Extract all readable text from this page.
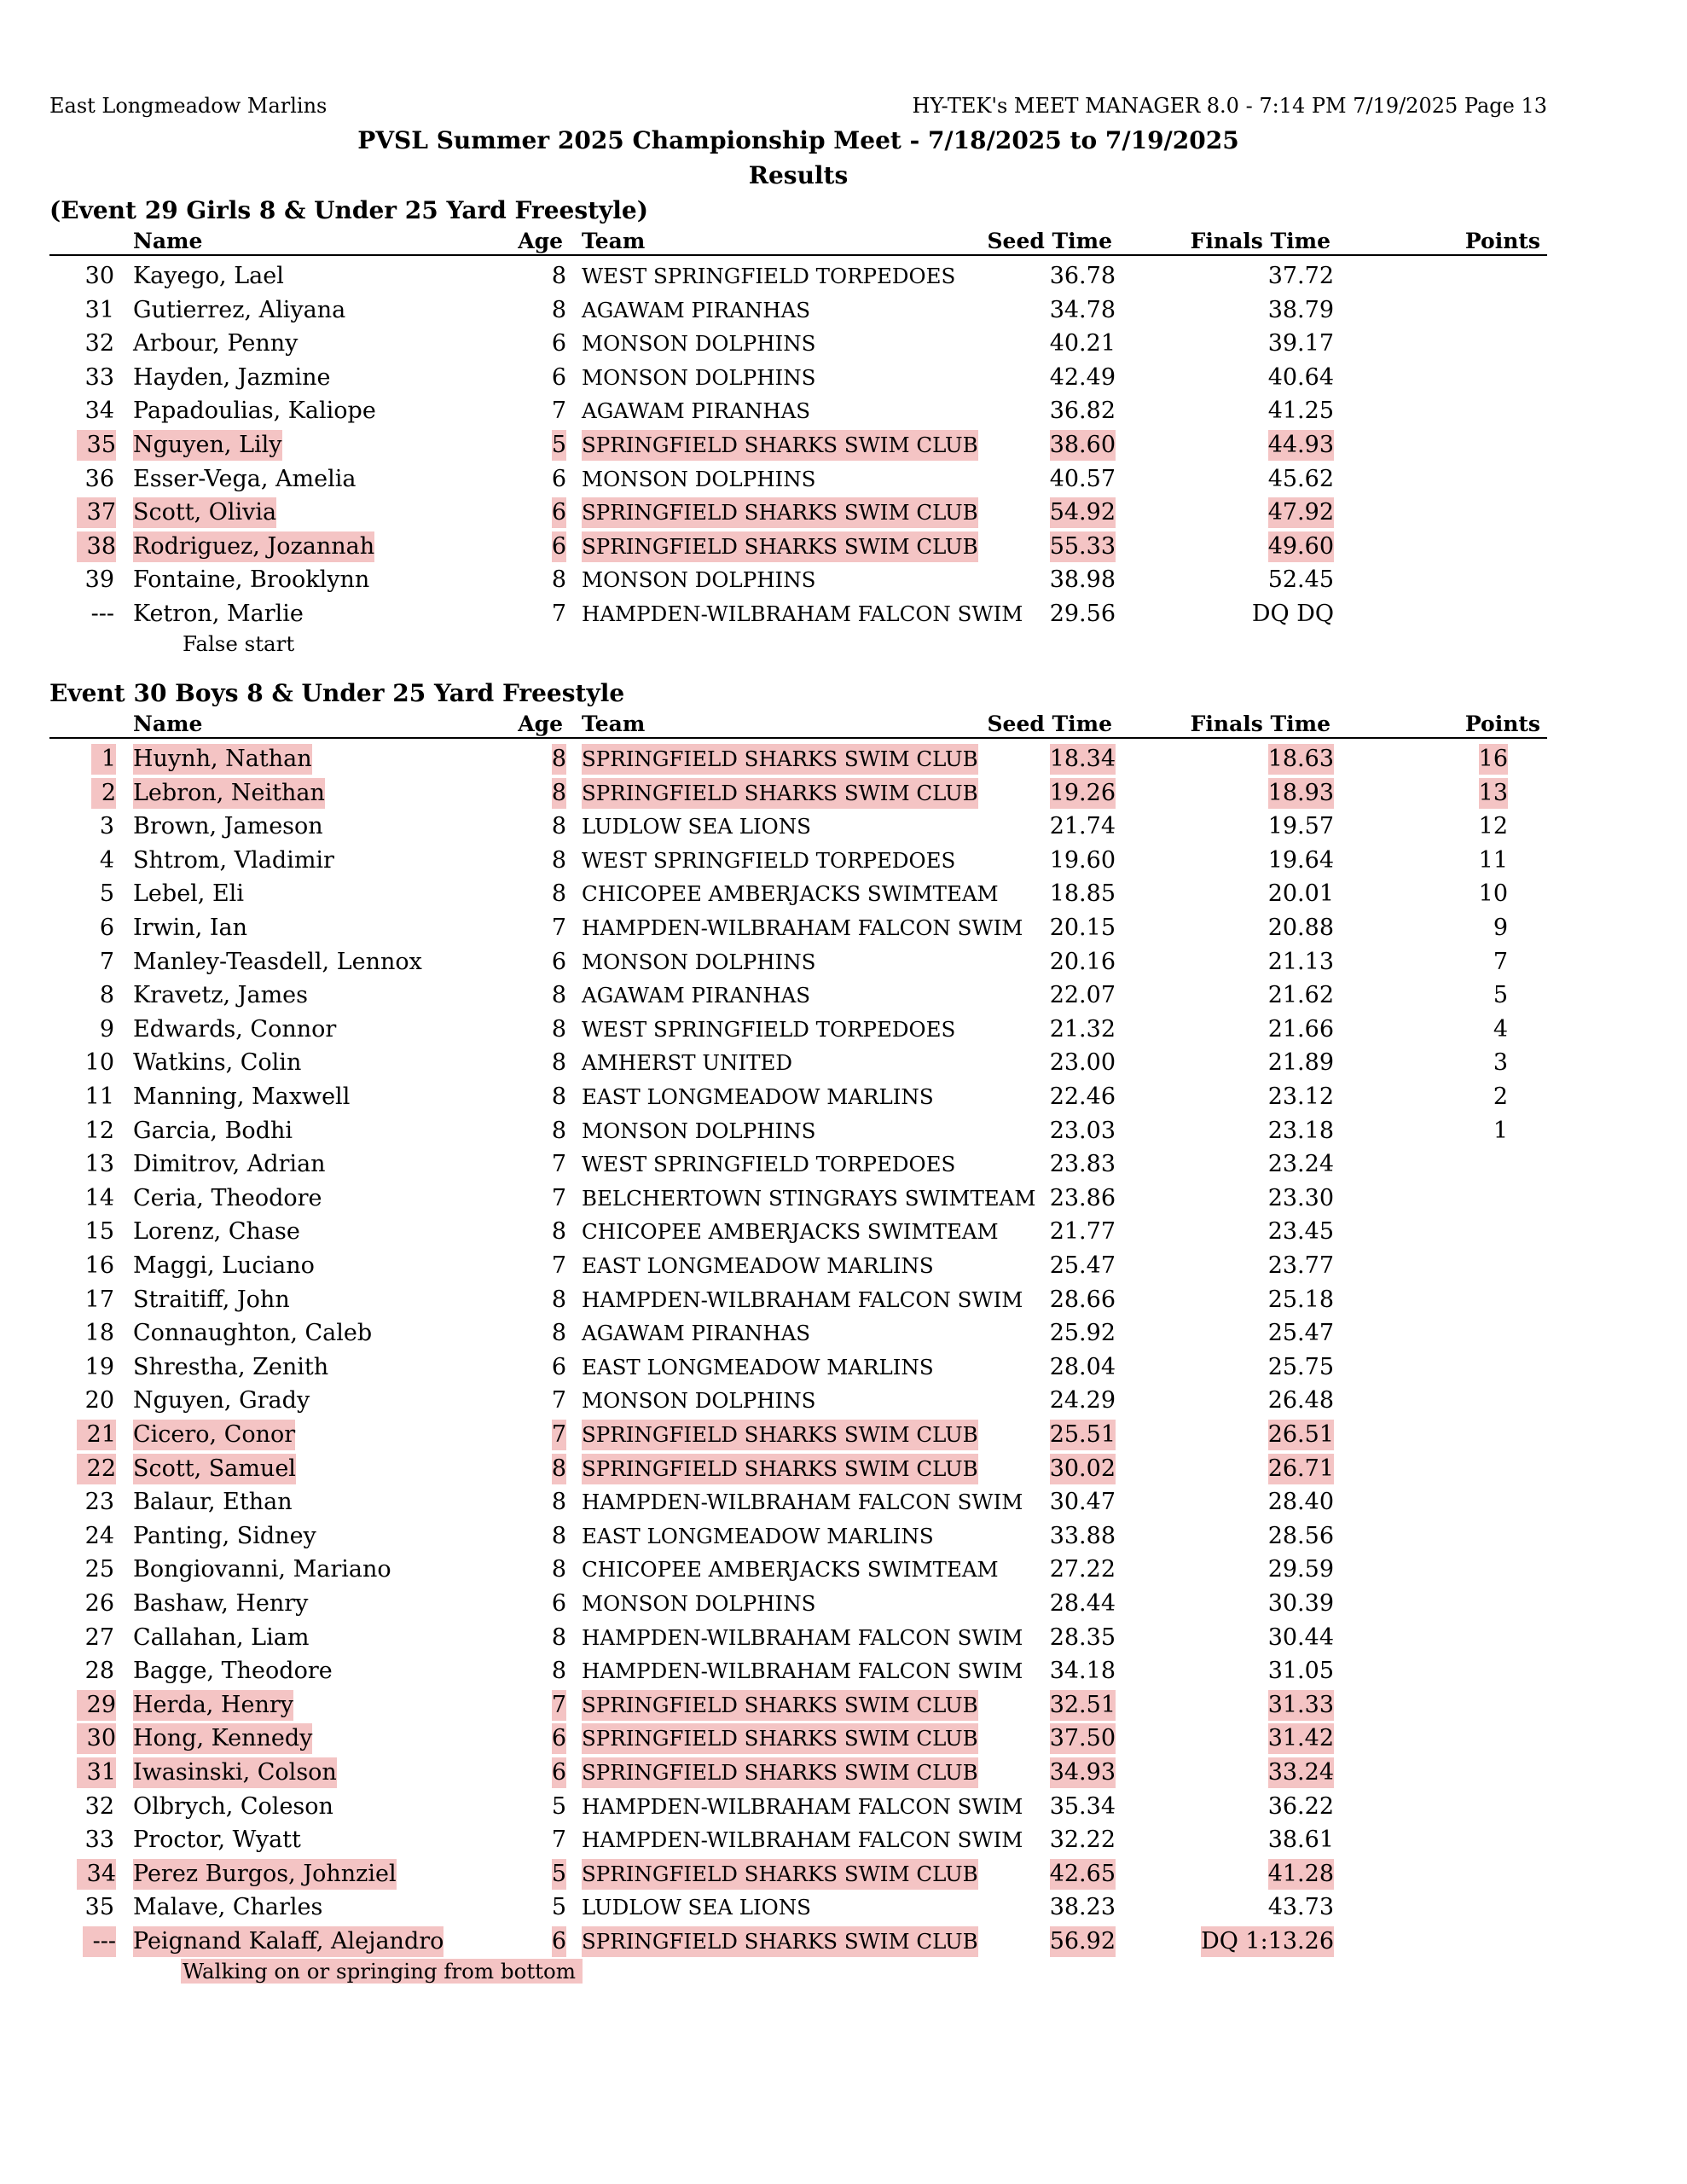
East Longmeadow Marlins	HY-TEK's MEET MANAGER 8.0 - 7:14 PM 7/19/2025 Page 13
PVSL Summer 2025 Championship Meet - 7/18/2025 to 7/19/2025
Results
(Event 29 Girls 8 & Under 25 Yard Freestyle)
Name	Age Team	Seed Time	Finals Time	Points
30 Kayego, Lael	8 WEST SPRINGFIELD TORPEDOES	36.78	37.72
31 Gutierrez, Aliyana	8 AGAWAM PIRANHAS	34.78	38.79
32 Arbour, Penny	6 MONSON DOLPHINS	40.21	39.17
33 Hayden, Jazmine	6 MONSON DOLPHINS	42.49	40.64
34 Papadoulias, Kaliope	7 AGAWAM PIRANHAS	36.82	41.25
35 Nguyen, Lily	5 SPRINGFIELD SHARKS SWIM CLUB	38.60	44.93
36 Esser-Vega, Amelia	6 MONSON DOLPHINS	40.57	45.62
37 Scott, Olivia	6 SPRINGFIELD SHARKS SWIM CLUB	54.92	47.92
38 Rodriguez, Jozannah	6 SPRINGFIELD SHARKS SWIM CLUB	55.33	49.60
39 Fontaine, Brooklynn	8 MONSON DOLPHINS	38.98	52.45
--- Ketron, Marlie	7 HAMPDEN-WILBRAHAM FALCON SWIM 29.56	DQ DQ
False start
Event 30 Boys 8 & Under 25 Yard Freestyle
Name	Age Team	Seed Time	Finals Time	Points
1 Huynh, Nathan	8 SPRINGFIELD SHARKS SWIM CLUB	18.34	18.63	16
2 Lebron, Neithan	8 SPRINGFIELD SHARKS SWIM CLUB	19.26	18.93	13
3 Brown, Jameson	8 LUDLOW SEA LIONS	21.74	19.57	12
4 Shtrom, Vladimir	8 WEST SPRINGFIELD TORPEDOES	19.60	19.64	11
5 Lebel, Eli	8 CHICOPEE AMBERJACKS SWIMTEAM 18.85	20.01	10
6 Irwin, Ian	7 HAMPDEN-WILBRAHAM FALCON SWIM 20.15	20.88	9
7 Manley-Teasdell, Lennox	6 MONSON DOLPHINS	20.16	21.13	7
8 Kravetz, James	8 AGAWAM PIRANHAS	22.07	21.62	5
9 Edwards, Connor	8 WEST SPRINGFIELD TORPEDOES	21.32	21.66	4
10 Watkins, Colin	8 AMHERST UNITED	23.00	21.89	3
11 Manning, Maxwell	8 EAST LONGMEADOW MARLINS	22.46	23.12	2
12 Garcia, Bodhi	8 MONSON DOLPHINS	23.03	23.18	1
13 Dimitrov, Adrian	7 WEST SPRINGFIELD TORPEDOES	23.83	23.24
14 Ceria, Theodore	7 BELCHERTOWN STINGRAYS SWIMTEAM 23.86	23.30
15 Lorenz, Chase	8 CHICOPEE AMBERJACKS SWIMTEAM 21.77	23.45
16 Maggi, Luciano	7 EAST LONGMEADOW MARLINS	25.47	23.77
17 Straitiff, John	8 HAMPDEN-WILBRAHAM FALCON SWIM 28.66	25.18
18 Connaughton, Caleb	8 AGAWAM PIRANHAS	25.92	25.47
19 Shrestha, Zenith	6 EAST LONGMEADOW MARLINS	28.04	25.75
20 Nguyen, Grady	7 MONSON DOLPHINS	24.29	26.48
21 Cicero, Conor	7 SPRINGFIELD SHARKS SWIM CLUB	25.51	26.51
22 Scott, Samuel	8 SPRINGFIELD SHARKS SWIM CLUB	30.02	26.71
23 Balaur, Ethan	8 HAMPDEN-WILBRAHAM FALCON SWIM 30.47	28.40
24 Panting, Sidney	8 EAST LONGMEADOW MARLINS	33.88	28.56
25 Bongiovanni, Mariano	8 CHICOPEE AMBERJACKS SWIMTEAM 27.22	29.59
26 Bashaw, Henry	6 MONSON DOLPHINS	28.44	30.39
27 Callahan, Liam	8 HAMPDEN-WILBRAHAM FALCON SWIM 28.35	30.44
28 Bagge, Theodore	8 HAMPDEN-WILBRAHAM FALCON SWIM 34.18	31.05
29 Herda, Henry	7 SPRINGFIELD SHARKS SWIM CLUB	32.51	31.33
30 Hong, Kennedy	6 SPRINGFIELD SHARKS SWIM CLUB	37.50	31.42
31 Iwasinski, Colson	6 SPRINGFIELD SHARKS SWIM CLUB	34.93	33.24
32 Olbrych, Coleson	5 HAMPDEN-WILBRAHAM FALCON SWIM 35.34	36.22
33 Proctor, Wyatt	7 HAMPDEN-WILBRAHAM FALCON SWIM 32.22	38.61
34 Perez Burgos, Johnziel	5 SPRINGFIELD SHARKS SWIM CLUB	42.65	41.28
35 Malave, Charles	5 LUDLOW SEA LIONS	38.23	43.73
--- Peignand Kalaff, Alejandro	6 SPRINGFIELD SHARKS SWIM CLUB	56.92	DQ 1:13.26
Walking on or springing from bottom
